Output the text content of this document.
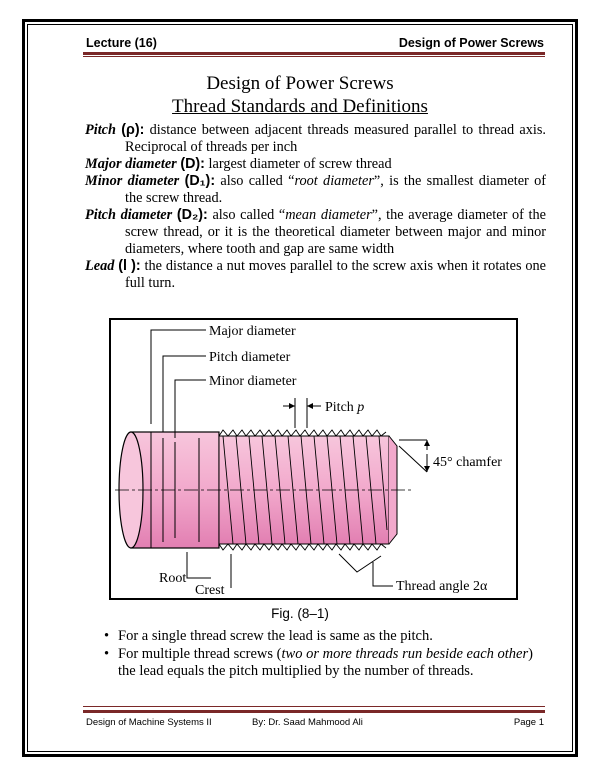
Lecture (16)	Design of Power Screws
Design of Power Screws
Thread Standards and Definitions

Pitch (ρ): distance between adjacent threads measured parallel to thread axis. Reciprocal of threads per inch

Major diameter (D): largest diameter of screw thread

Minor diameter (D₁): also called “root diameter”, is the smallest diameter of the screw thread.

Pitch diameter (D₂): also called “mean diameter”, the average diameter of the screw thread, or it is the theoretical diameter between major and minor diameters, where tooth and gap are same width

Lead (l ): the distance a nut moves parallel to the screw axis when it rotates one full turn.

Major diameter
Pitch diameter
Minor diameter
Pitch p
45° chamfer
Root
Crest	Thread angle 2α
Fig. (8–1)
• For a single thread screw the lead is same as the pitch.
• For multiple thread screws (two or more threads run beside each other) the lead equals the pitch multiplied by the number of threads.
Design of Machine Systems II	By: Dr. Saad Mahmood Ali	Page 1
